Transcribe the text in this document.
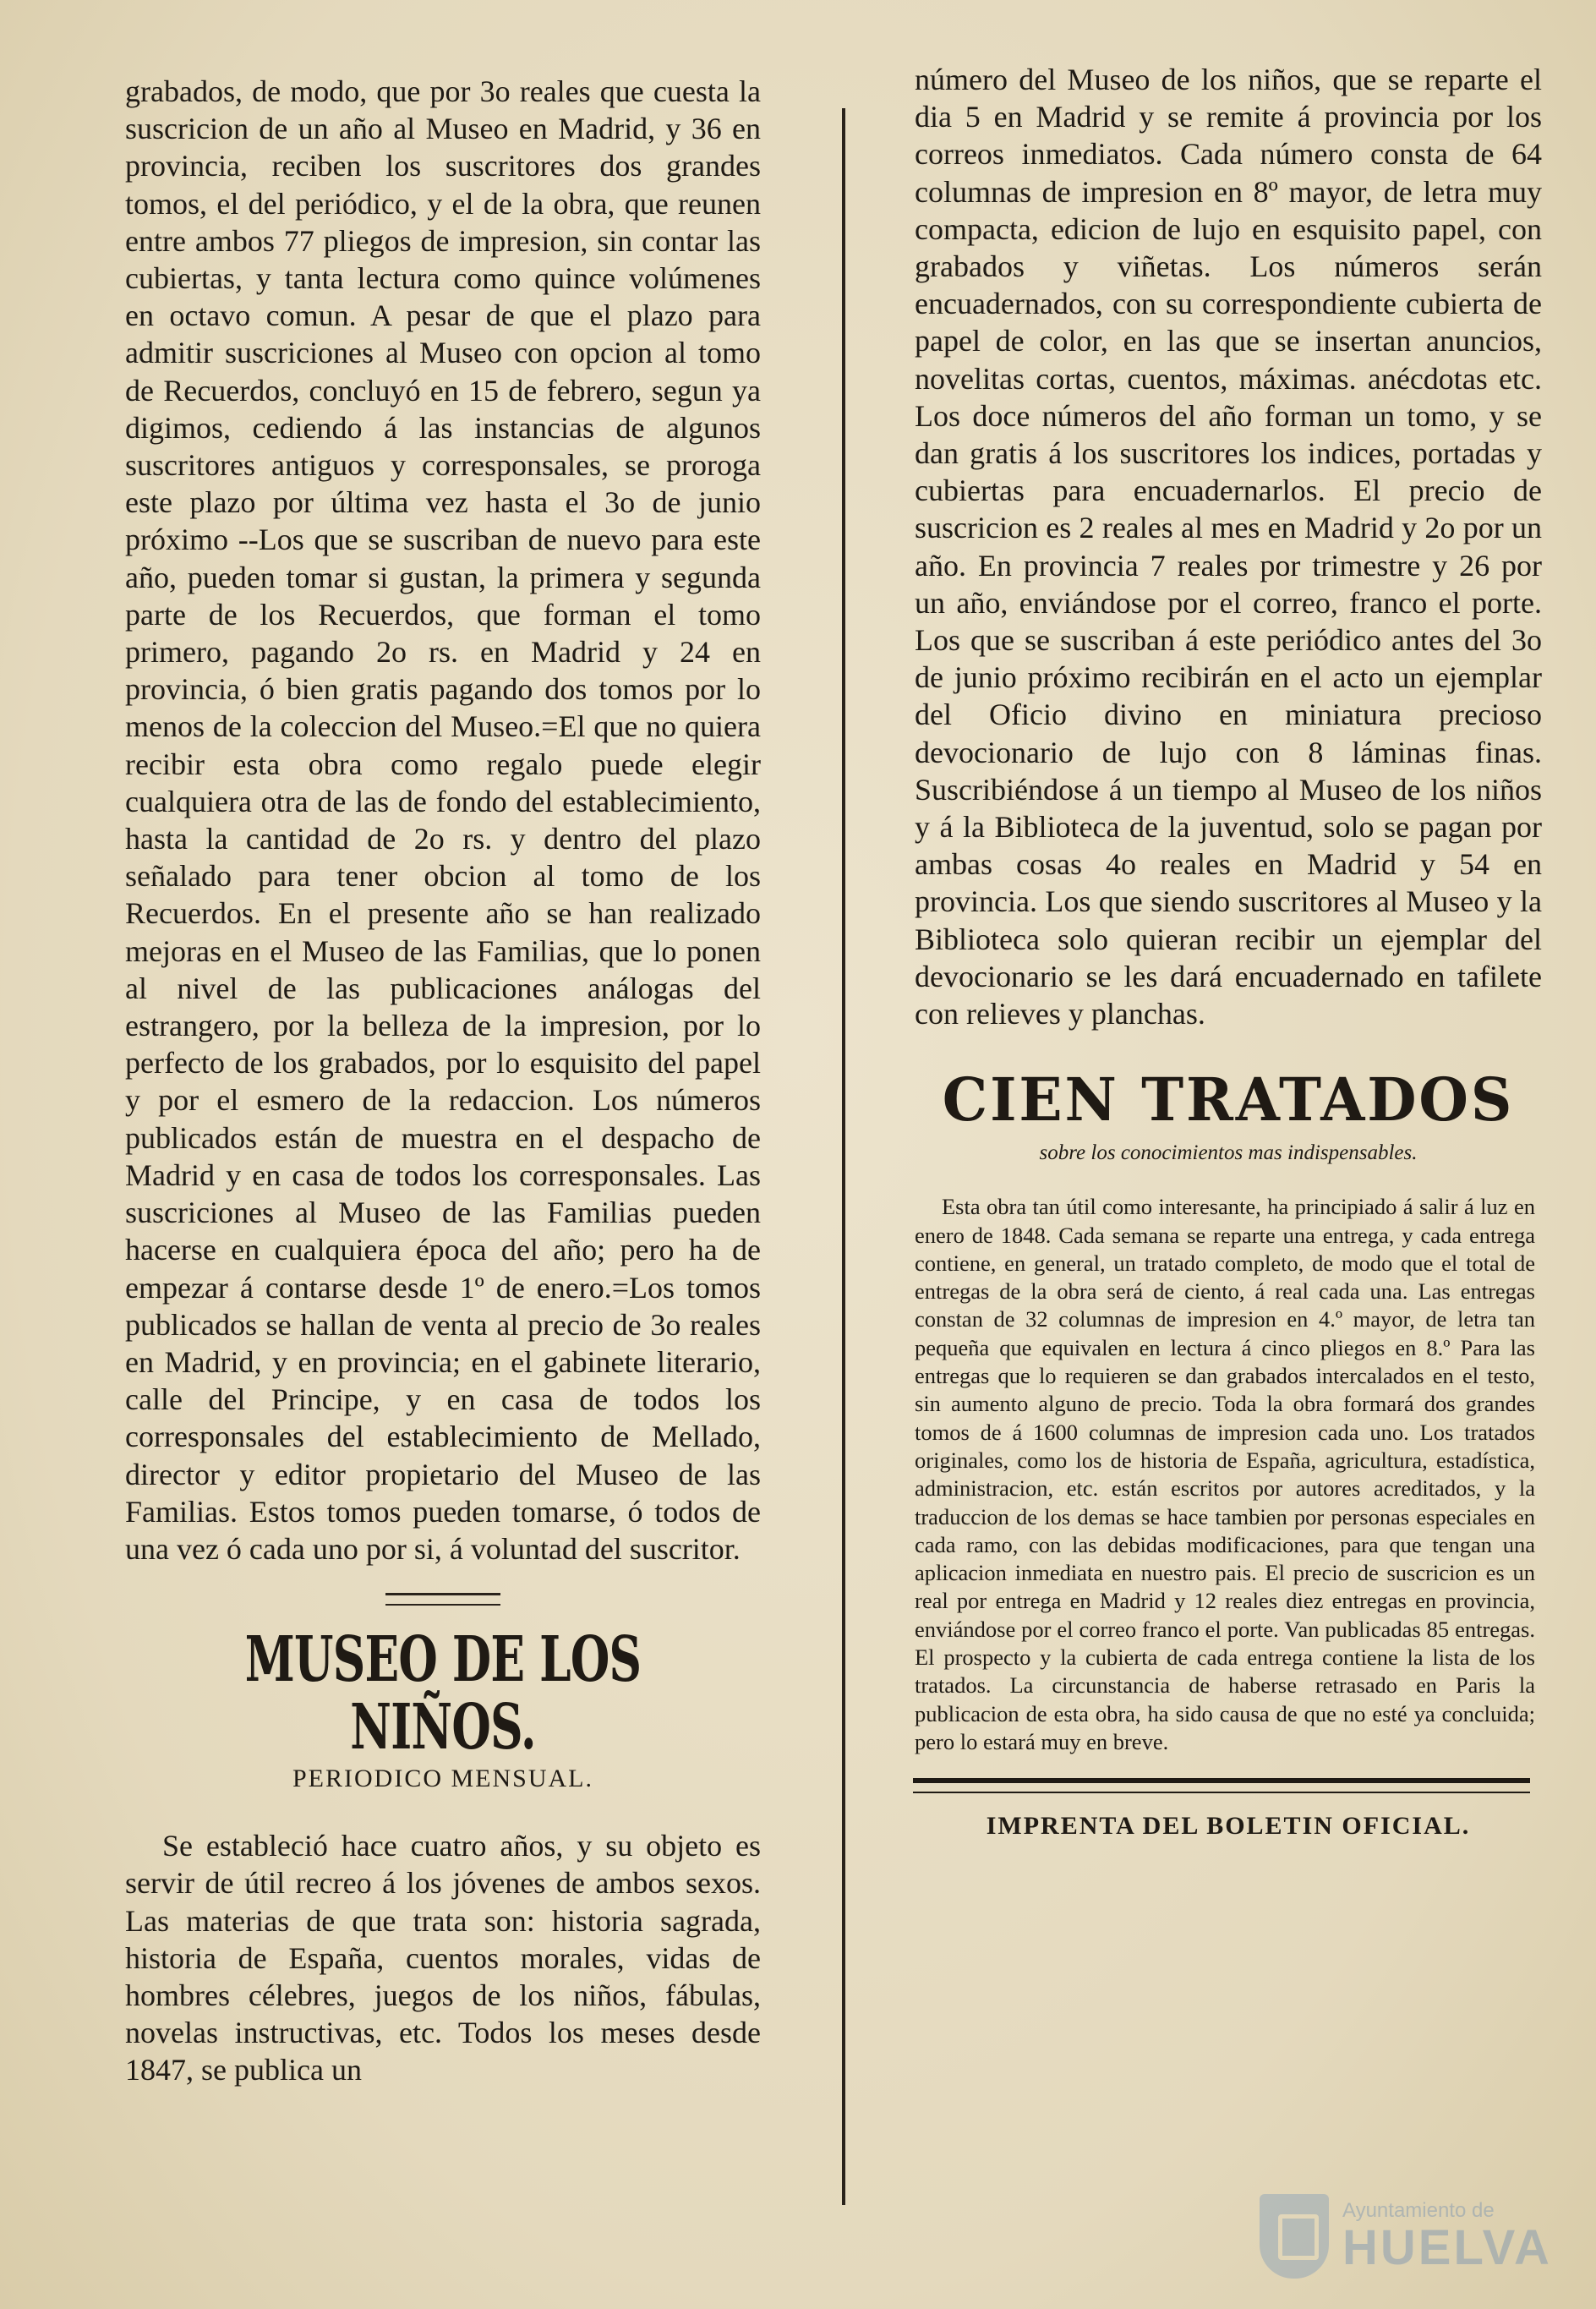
grabados, de modo, que por 3o reales que cuesta la suscricion de un año al Museo en Madrid, y 36 en provincia, reciben los suscritores dos grandes tomos, el del periódico, y el de la obra, que reunen entre ambos 77 pliegos de impresion, sin contar las cubiertas, y tanta lectura como quince volúmenes en octavo comun. A pesar de que el plazo para admitir suscriciones al Museo con opcion al tomo de Recuerdos, concluyó en 15 de febrero, segun ya digimos, cediendo á las instancias de algunos suscritores antiguos y corresponsales, se proroga este plazo por última vez hasta el 3o de junio próximo --Los que se suscriban de nuevo para este año, pueden tomar si gustan, la primera y segunda parte de los Recuerdos, que forman el tomo primero, pagando 2o rs. en Madrid y 24 en provincia, ó bien gratis pagando dos tomos por lo menos de la coleccion del Museo.=El que no quiera recibir esta obra como regalo puede elegir cualquiera otra de las de fondo del establecimiento, hasta la cantidad de 2o rs. y dentro del plazo señalado para tener obcion al tomo de los Recuerdos. En el presente año se han realizado mejoras en el Museo de las Familias, que lo ponen al nivel de las publicaciones análogas del estrangero, por la belleza de la impresion, por lo perfecto de los grabados, por lo esquisito del papel y por el esmero de la redaccion. Los números publicados están de muestra en el despacho de Madrid y en casa de todos los corresponsales. Las suscriciones al Museo de las Familias pueden hacerse en cualquiera época del año; pero ha de empezar á contarse desde 1º de enero.=Los tomos publicados se hallan de venta al precio de 3o reales en Madrid, y en provincia; en el gabinete literario, calle del Principe, y en casa de todos los corresponsales del establecimiento de Mellado, director y editor propietario del Museo de las Familias. Estos tomos pueden tomarse, ó todos de una vez ó cada uno por si, á voluntad del suscritor.

MUSEO DE LOS NIÑOS.
PERIODICO MENSUAL.

Se estableció hace cuatro años, y su objeto es servir de útil recreo á los jóvenes de ambos sexos. Las materias de que trata son: historia sagrada, historia de España, cuentos morales, vidas de hombres célebres, juegos de los niños, fábulas, novelas instructivas, etc. Todos los meses desde 1847, se publica un

número del Museo de los niños, que se reparte el dia 5 en Madrid y se remite á provincia por los correos inmediatos. Cada número consta de 64 columnas de impresion en 8º mayor, de letra muy compacta, edicion de lujo en esquisito papel, con grabados y viñetas. Los números serán encuadernados, con su correspondiente cubierta de papel de color, en las que se insertan anuncios, novelitas cortas, cuentos, máximas. anécdotas etc. Los doce números del año forman un tomo, y se dan gratis á los suscritores los indices, portadas y cubiertas para encuadernarlos. El precio de suscricion es 2 reales al mes en Madrid y 2o por un año. En provincia 7 reales por trimestre y 26 por un año, enviándose por el correo, franco el porte. Los que se suscriban á este periódico antes del 3o de junio próximo recibirán en el acto un ejemplar del Oficio divino en miniatura precioso devocionario de lujo con 8 láminas finas. Suscribiéndose á un tiempo al Museo de los niños y á la Biblioteca de la juventud, solo se pagan por ambas cosas 4o reales en Madrid y 54 en provincia. Los que siendo suscritores al Museo y la Biblioteca solo quieran recibir un ejemplar del devocionario se les dará encuadernado en tafilete con relieves y planchas.

CIEN TRATADOS
sobre los conocimientos mas indispensables.

Esta obra tan útil como interesante, ha principiado á salir á luz en enero de 1848. Cada semana se reparte una entrega, y cada entrega contiene, en general, un tratado completo, de modo que el total de entregas de la obra será de ciento, á real cada una. Las entregas constan de 32 columnas de impresion en 4.º mayor, de letra tan pequeña que equivalen en lectura á cinco pliegos en 8.º Para las entregas que lo requieren se dan grabados intercalados en el testo, sin aumento alguno de precio. Toda la obra formará dos grandes tomos de á 1600 columnas de impresion cada uno. Los tratados originales, como los de historia de España, agricultura, estadística, administracion, etc. están escritos por autores acreditados, y la traduccion de los demas se hace tambien por personas especiales en cada ramo, con las debidas modificaciones, para que tengan una aplicacion inmediata en nuestro pais. El precio de suscricion es un real por entrega en Madrid y 12 reales diez entregas en provincia, enviándose por el correo franco el porte. Van publicadas 85 entregas. El prospecto y la cubierta de cada entrega contiene la lista de los tratados. La circunstancia de haberse retrasado en Paris la publicacion de esta obra, ha sido causa de que no esté ya concluida; pero lo estará muy en breve.

IMPRENTA DEL BOLETIN OFICIAL.
Ayuntamiento de
HUELVA
